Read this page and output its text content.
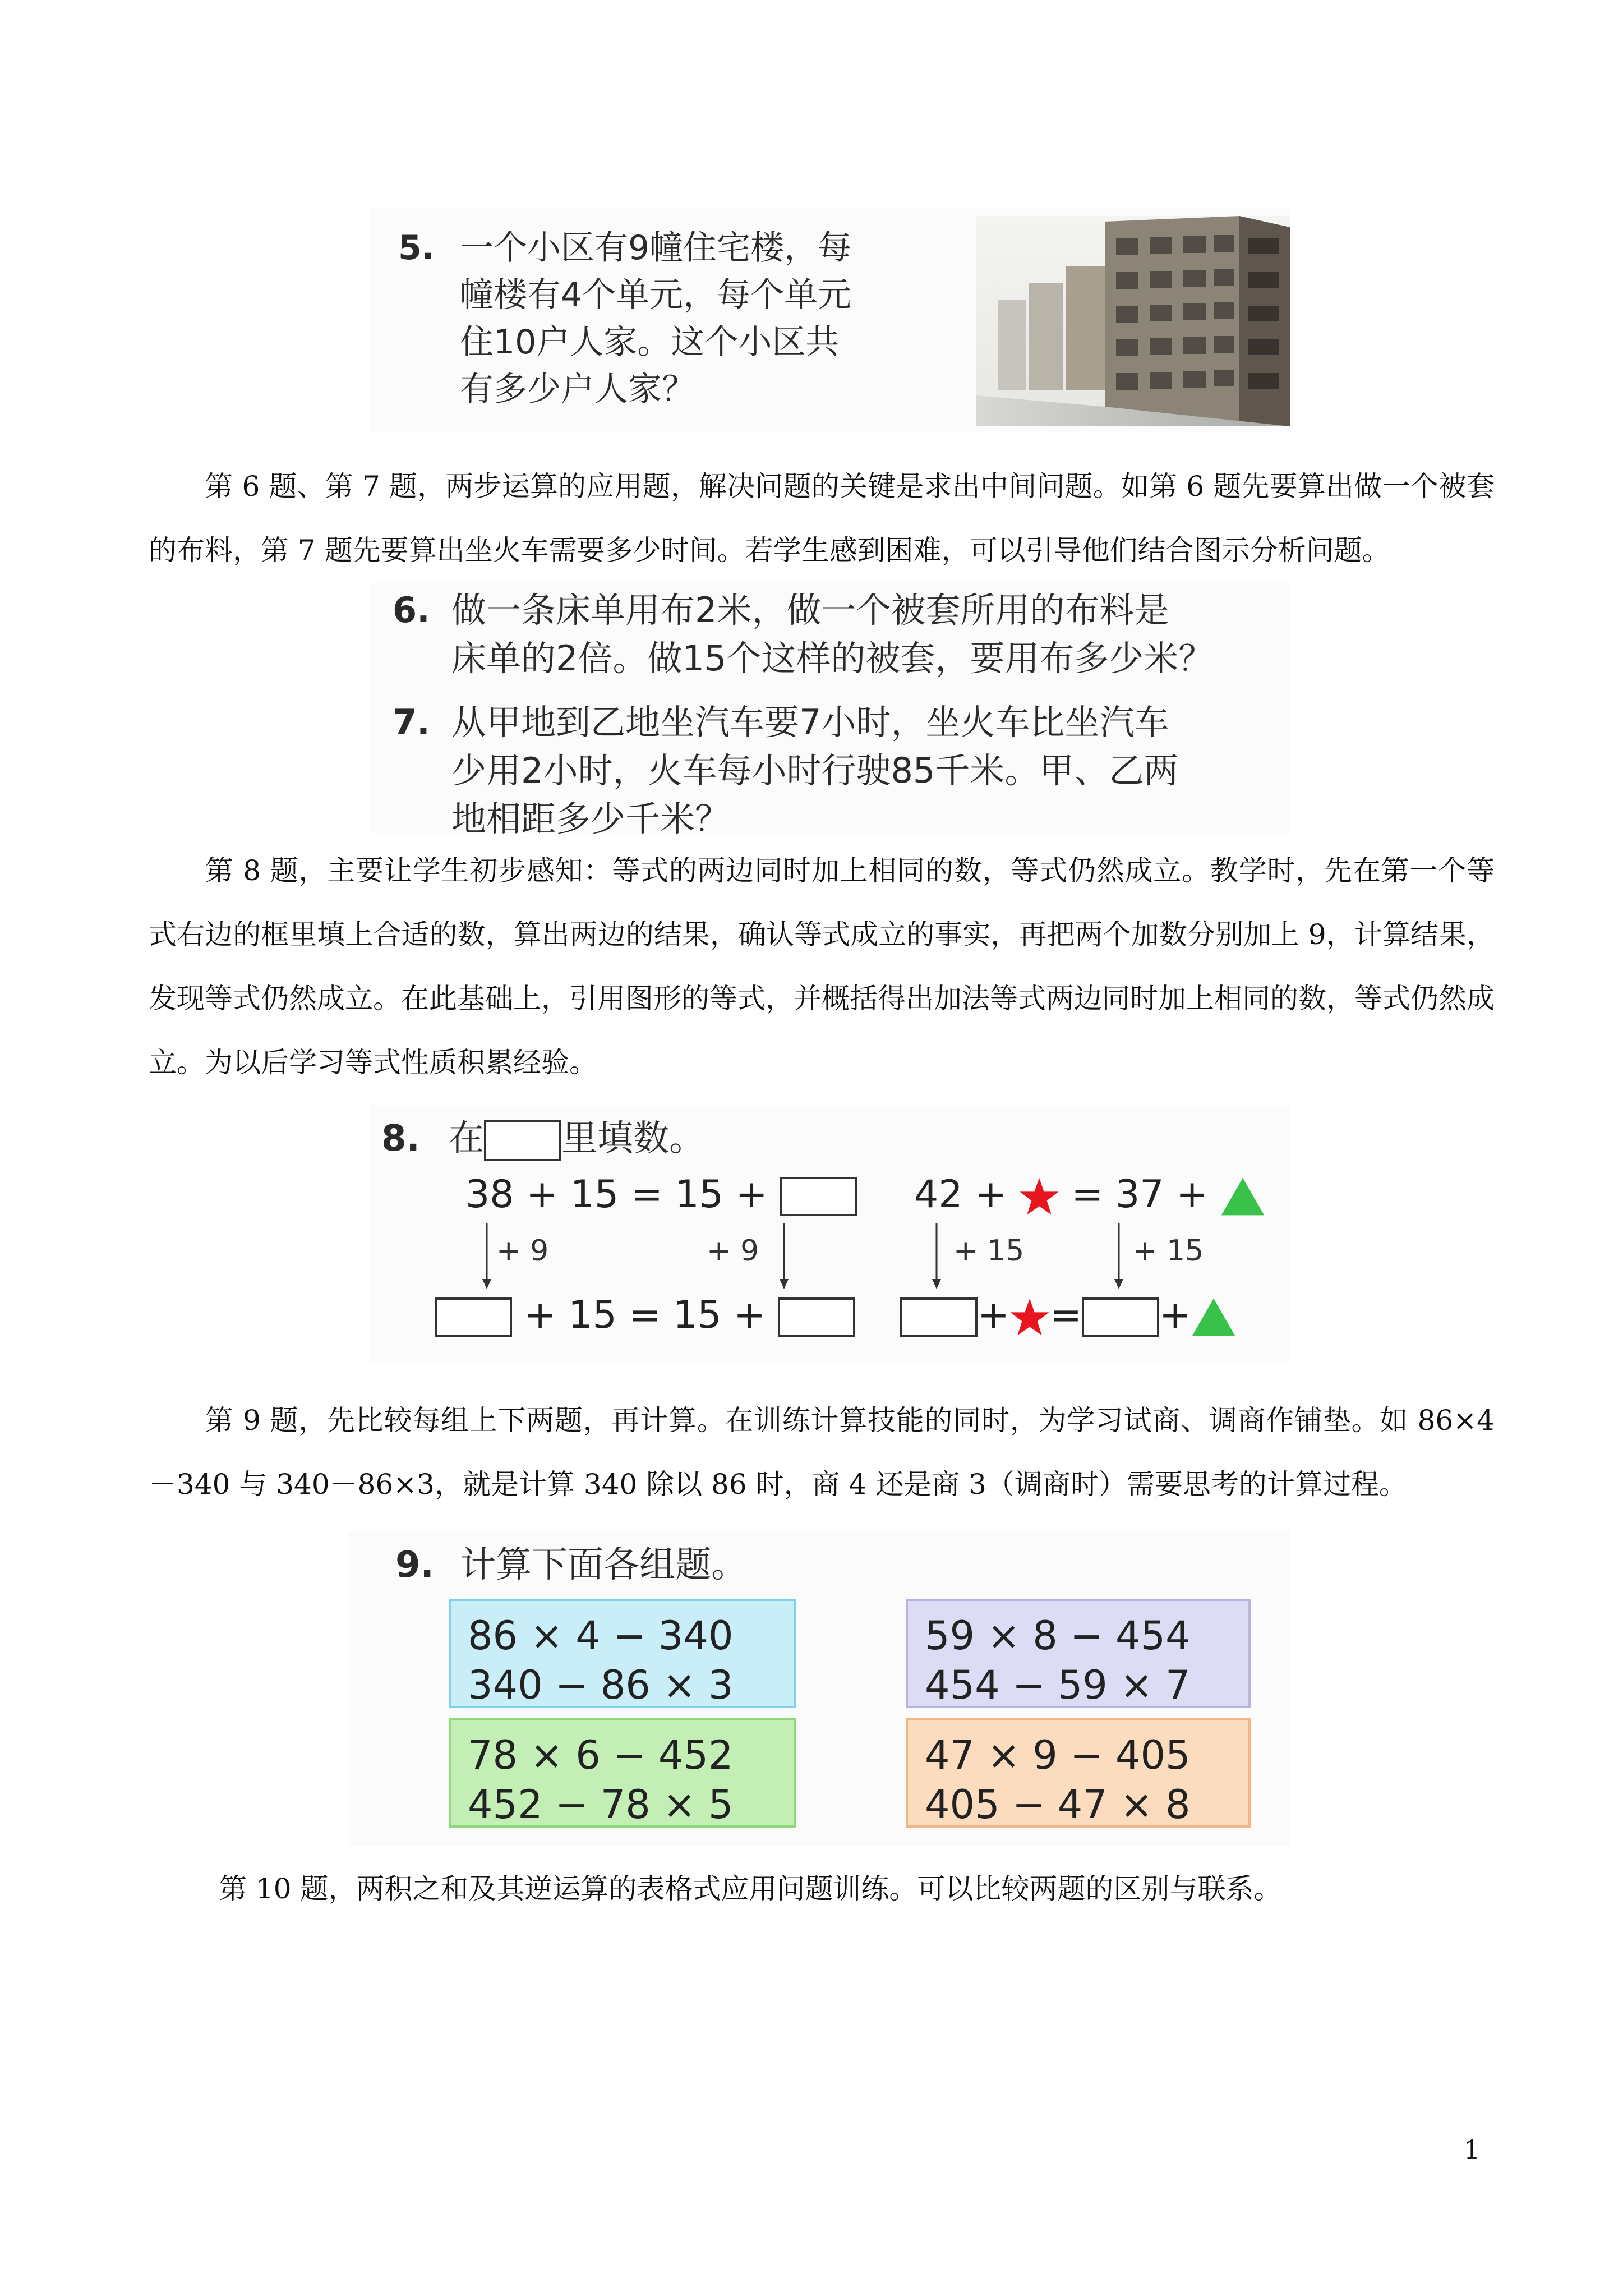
5. 一个小区有9幢住宅楼，每
幢楼有4个单元，每个单元
住10户人家。这个小区共
有多少户人家？
第 6 题、第 7 题，两步运算的应用题，解决问题的关键是求出中间问题。如第 6 题先要算出做一个被套的布料，第 7 题先要算出坐火车需要多少时间。若学生感到困难，可以引导他们结合图示分析问题。
6. 做一条床单用布2米，做一个被套所用的布料是
床单的2倍。做15个这样的被套，要用布多少米？
7. 从甲地到乙地坐汽车要7小时，坐火车比坐汽车
少用2小时，火车每小时行驶85千米。甲、乙两
地相距多少千米？
第 8 题，主要让学生初步感知：等式的两边同时加上相同的数，等式仍然成立。教学时，先在第一个等式右边的框里填上合适的数，算出两边的结果，确认等式成立的事实，再把两个加数分别加上 9，计算结果，发现等式仍然成立。在此基础上，引用图形的等式，并概括得出加法等式两边同时加上相同的数，等式仍然成立。为以后学习等式性质积累经验。
8. 在 里填数。
38 + 15 = 15 +
+ 9	+ 9
+ 15 = 15 +
42 + = 37 +
+ 15	+ 15
+ = +
第 9 题，先比较每组上下两题，再计算。在训练计算技能的同时，为学习试商、调商作铺垫。如 86×4－340 与 340－86×3，就是计算 340 除以 86 时，商 4 还是商 3（调商时）需要思考的计算过程。
9. 计算下面各组题。
86 × 4 − 340
340 − 86 × 3
59 × 8 − 454
454 − 59 × 7
78 × 6 − 452
452 − 78 × 5
47 × 9 − 405
405 − 47 × 8
第 10 题，两积之和及其逆运算的表格式应用问题训练。可以比较两题的区别与联系。
1
